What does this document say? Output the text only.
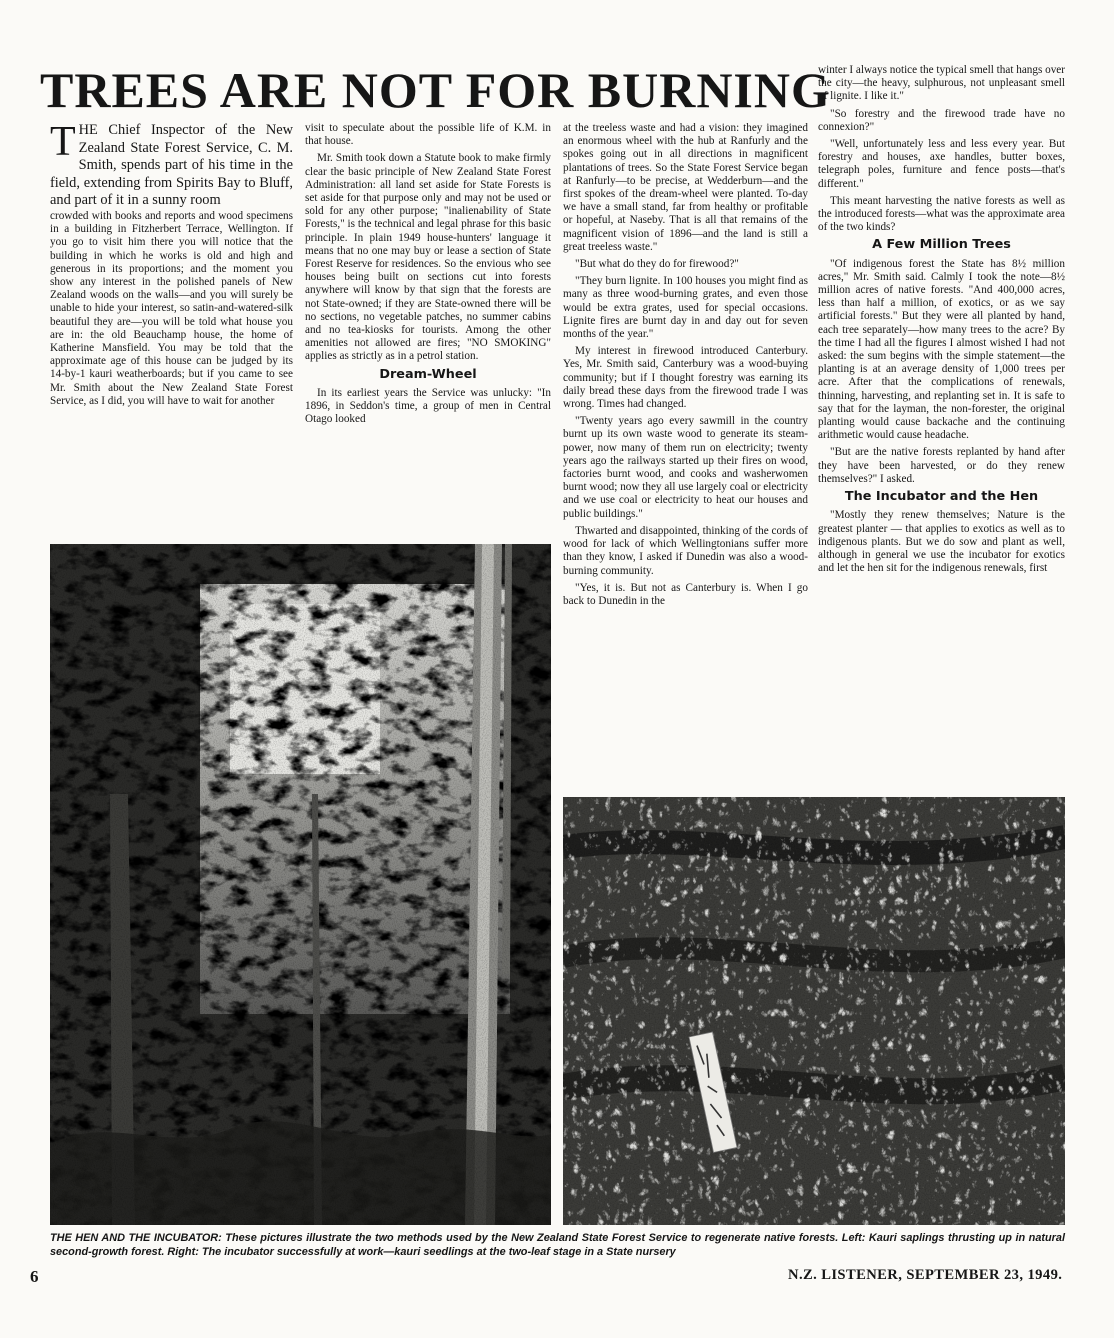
TREES ARE NOT FOR BURNING

THE Chief Inspector of the New Zealand State Forest Service, C. M. Smith, spends part of his time in the field, extending from Spirits Bay to Bluff, and part of it in a sunny room

crowded with books and reports and wood specimens in a building in Fitzherbert Terrace, Wellington. If you go to visit him there you will notice that the building in which he works is old and high and generous in its proportions; and the moment you show any interest in the polished panels of New Zealand woods on the walls—and you will surely be unable to hide your interest, so satin-and-watered-silk beautiful they are—you will be told what house you are in: the old Beauchamp house, the home of Katherine Mansfield. You may be told that the approximate age of this house can be judged by its 14-by-1 kauri weatherboards; but if you came to see Mr. Smith about the New Zealand State Forest Service, as I did, you will have to wait for another

visit to speculate about the possible life of K.M. in that house.

Mr. Smith took down a Statute book to make firmly clear the basic principle of New Zealand State Forest Administration: all land set aside for State Forests is set aside for that purpose only and may not be used or sold for any other purpose; "inalienability of State Forests," is the technical and legal phrase for this basic principle. In plain 1949 house-hunters' language it means that no one may buy or lease a section of State Forest Reserve for residences. So the envious who see houses being built on sections cut into forests anywhere will know by that sign that the forests are not State-owned; if they are State-owned there will be no sections, no vegetable patches, no summer cabins and no tea-kiosks for tourists. Among the other amenities not allowed are fires; "NO SMOKING" applies as strictly as in a petrol station.

Dream-Wheel

In its earliest years the Service was unlucky: "In 1896, in Seddon's time, a group of men in Central Otago looked

at the treeless waste and had a vision: they imagined an enormous wheel with the hub at Ranfurly and the spokes going out in all directions in magnificent plantations of trees. So the State Forest Service began at Ranfurly—to be precise, at Wedderburn—and the first spokes of the dream-wheel were planted. To-day we have a small stand, far from healthy or profitable or hopeful, at Naseby. That is all that remains of the magnificent vision of 1896—and the land is still a great treeless waste."

"But what do they do for firewood?"

"They burn lignite. In 100 houses you might find as many as three wood-burning grates, and even those would be extra grates, used for special occasions. Lignite fires are burnt day in and day out for seven months of the year."

My interest in firewood introduced Canterbury. Yes, Mr. Smith said, Canterbury was a wood-buying community; but if I thought forestry was earning its daily bread these days from the firewood trade I was wrong. Times had changed.

"Twenty years ago every sawmill in the country burnt up its own waste wood to generate its steam-power, now many of them run on electricity; twenty years ago the railways started up their fires on wood, factories burnt wood, and cooks and washerwomen burnt wood; now they all use largely coal or electricity and we use coal or electricity to heat our houses and public buildings."

Thwarted and disappointed, thinking of the cords of wood for lack of which Wellingtonians suffer more than they know, I asked if Dunedin was also a wood-burning community.

"Yes, it is. But not as Canterbury is. When I go back to Dunedin in the

winter I always notice the typical smell that hangs over the city—the heavy, sulphurous, not unpleasant smell of lignite. I like it."

"So forestry and the firewood trade have no connexion?"

"Well, unfortunately less and less every year. But forestry and houses, axe handles, butter boxes, telegraph poles, furniture and fence posts—that's different."

This meant harvesting the native forests as well as the introduced forests—what was the approximate area of the two kinds?

A Few Million Trees

"Of indigenous forest the State has 8½ million acres," Mr. Smith said. Calmly I took the note—8½ million acres of native forests. "And 400,000 acres, less than half a million, of exotics, or as we say artificial forests." But they were all planted by hand, each tree separately—how many trees to the acre? By the time I had all the figures I almost wished I had not asked: the sum begins with the simple statement—the planting is at an average density of 1,000 trees per acre. After that the complications of renewals, thinning, harvesting, and replanting set in. It is safe to say that for the layman, the non-forester, the original planting would cause backache and the continuing arithmetic would cause headache.

"But are the native forests replanted by hand after they have been harvested, or do they renew themselves?" I asked.

The Incubator and the Hen

"Mostly they renew themselves; Nature is the greatest planter — that applies to exotics as well as to indigenous plants. But we do sow and plant as well, although in general we use the incubator for exotics and let the hen sit for the indigenous renewals, first

THE HEN AND THE INCUBATOR: These pictures illustrate the two methods used by the New Zealand State Forest Service to regenerate native forests. Left: Kauri saplings thrusting up in natural second-growth forest. Right: The incubator successfully at work—kauri seedlings at the two-leaf stage in a State nursery

6	N.Z. LISTENER, SEPTEMBER 23, 1949.
